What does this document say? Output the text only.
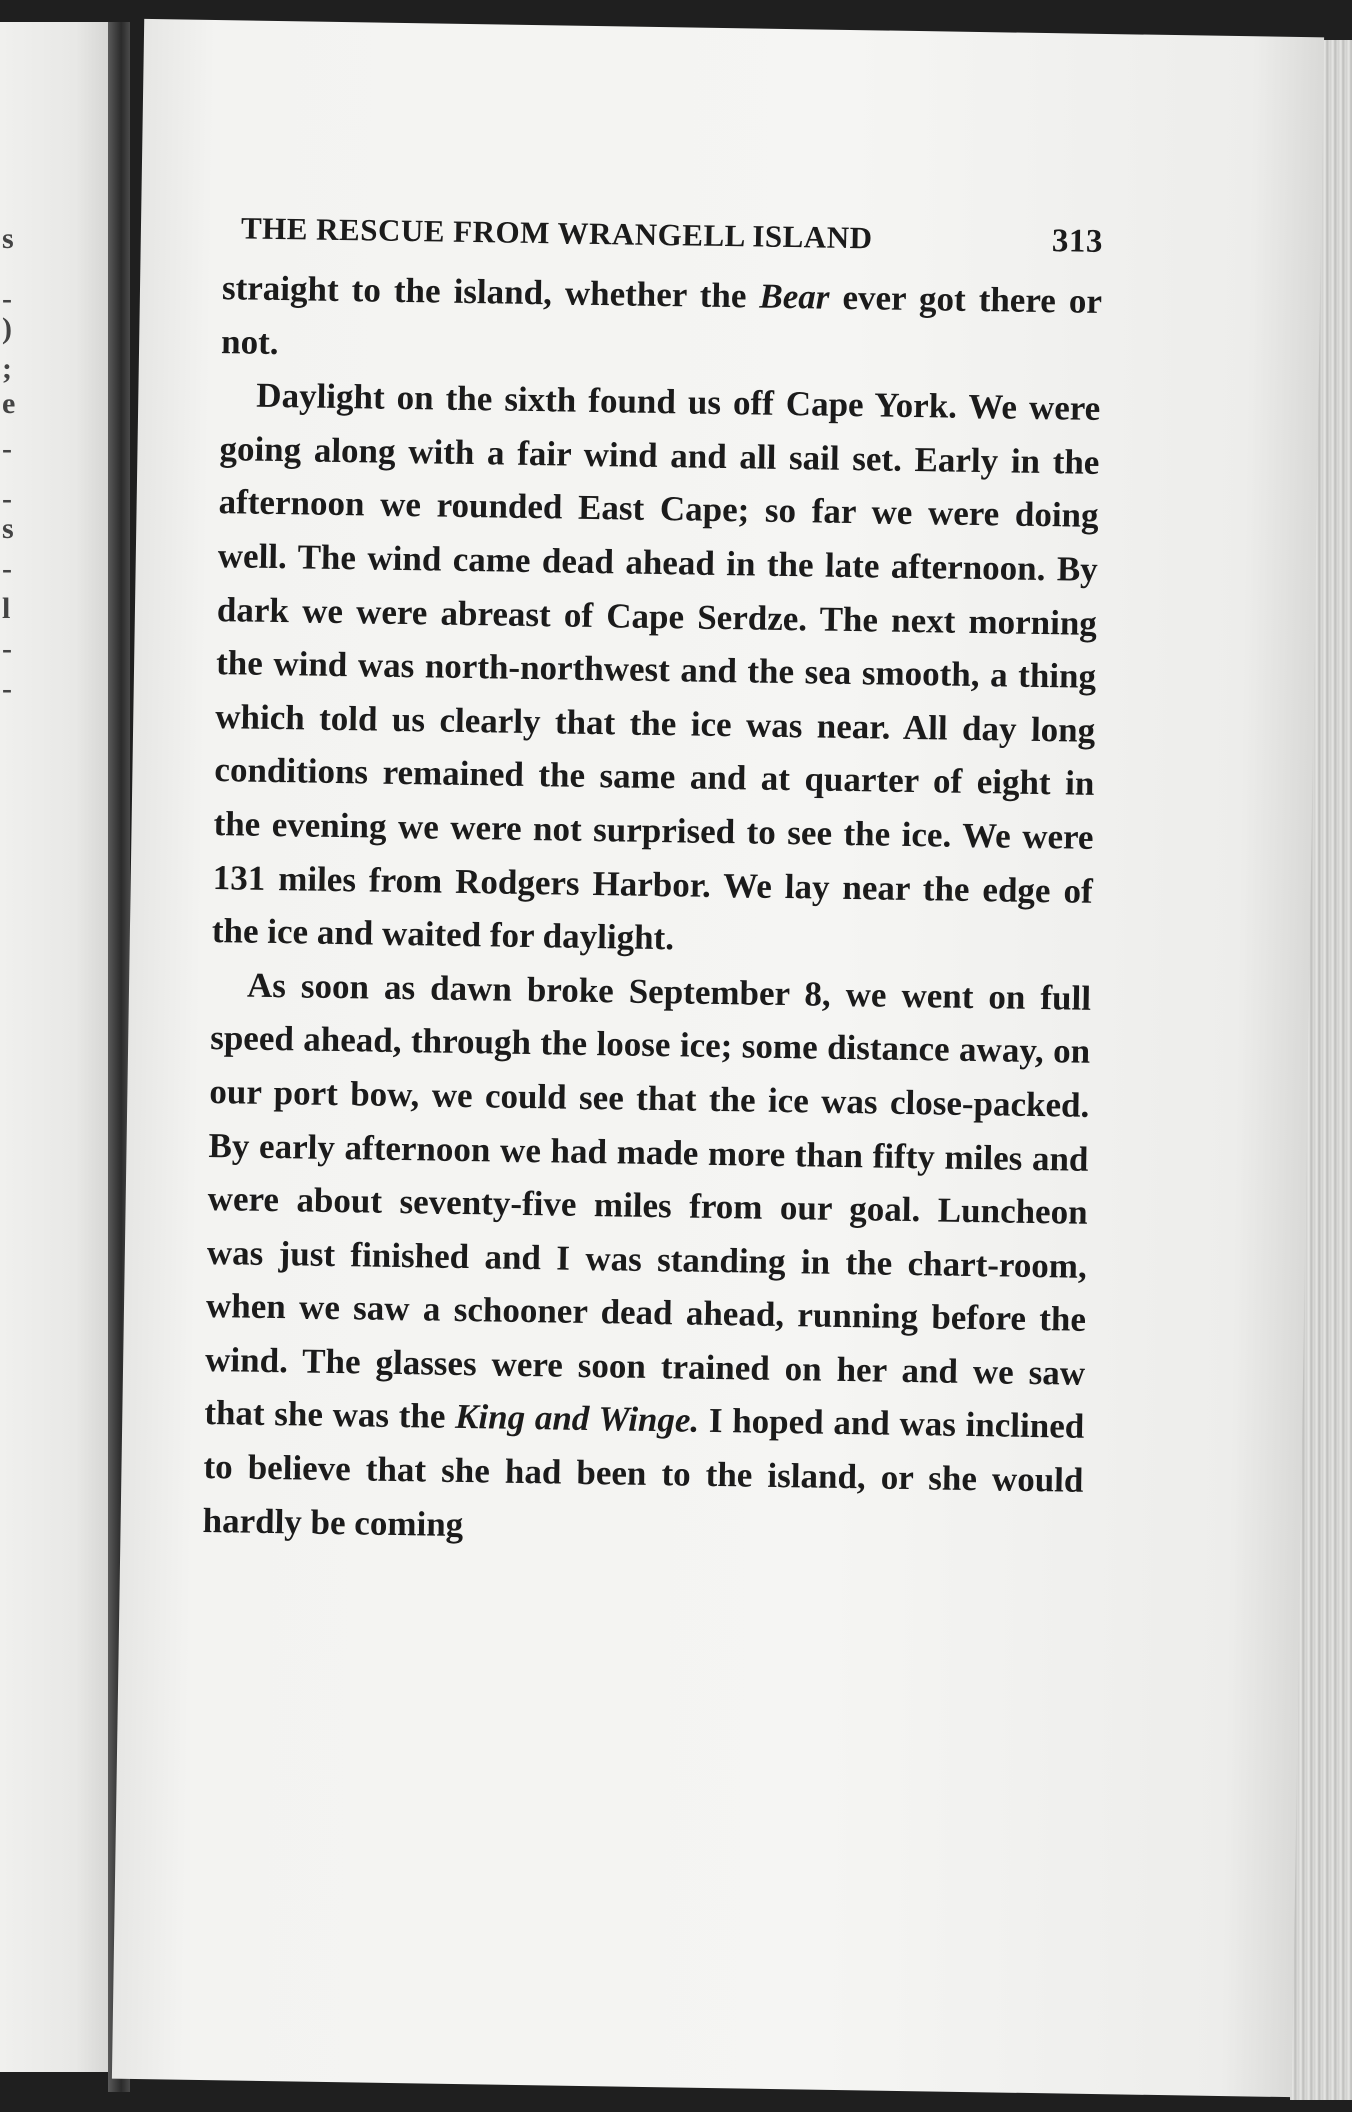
s
-
)
;
e
-
-
s
-
l
-
-
THE RESCUE FROM WRANGELL ISLAND	313

straight to the island, whether the Bear ever got there or not.

Daylight on the sixth found us off Cape York. We were going along with a fair wind and all sail set. Early in the afternoon we rounded East Cape; so far we were doing well. The wind came dead ahead in the late afternoon. By dark we were abreast of Cape Serdze. The next morning the wind was north-northwest and the sea smooth, a thing which told us clearly that the ice was near. All day long conditions remained the same and at quarter of eight in the evening we were not surprised to see the ice. We were 131 miles from Rodgers Harbor. We lay near the edge of the ice and waited for daylight.

As soon as dawn broke September 8, we went on full speed ahead, through the loose ice; some distance away, on our port bow, we could see that the ice was close-packed. By early afternoon we had made more than fifty miles and were about seventy-five miles from our goal. Luncheon was just finished and I was standing in the chart-room, when we saw a schooner dead ahead, running before the wind. The glasses were soon trained on her and we saw that she was the King and Winge. I hoped and was inclined to believe that she had been to the island, or she would hardly be coming
